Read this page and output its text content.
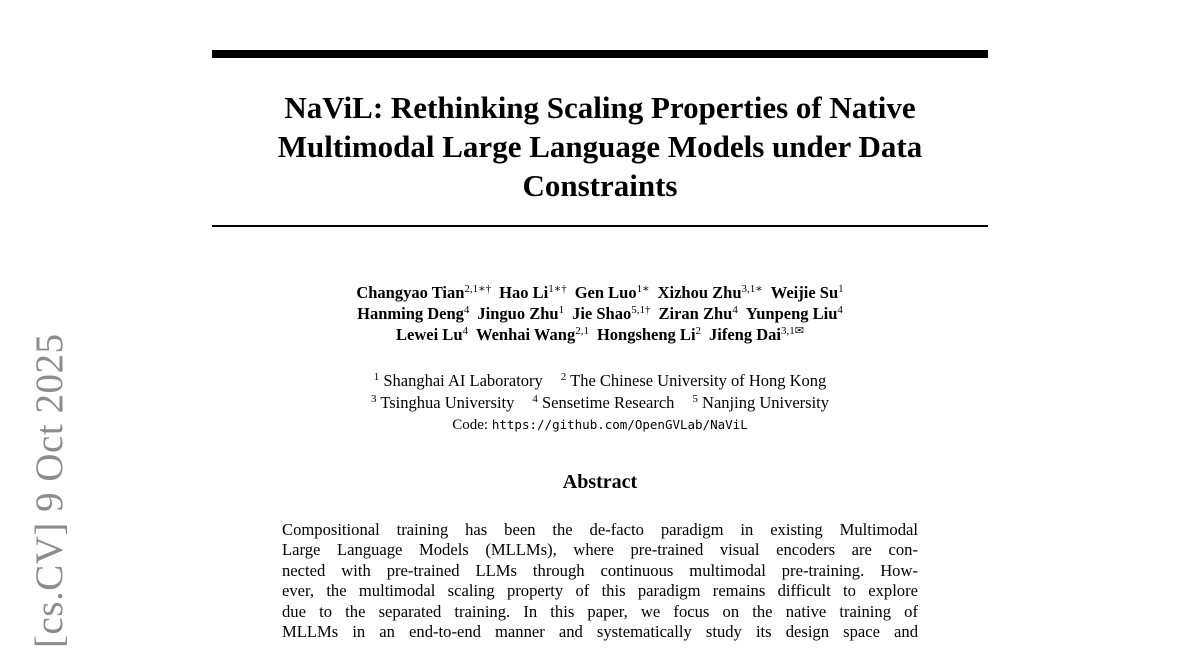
NaViL: Rethinking Scaling Properties of Native
Multimodal Large Language Models under Data
Constraints
Changyao Tian$^{2,1∗\dagger}$ Hao $Li^{1∗\dagger}$ Gen Luo$^{1∗}$ Xizhou Zhu$^{3,1∗}$ Weijie Su$^1$
Hanming Deng$^4$ Jinguo Zhu$^1$ Jie Shao$^{5,1\dagger}$ Ziran Zhu$^4$ Yunpeng Liu$^4$
Lewei Lu$^4$ Wenhai Wang$^{2,1}$ Hongsheng Li$^2$ Jifeng Dai$^{3,1✉}$
$^1$ Shanghai AI Laboratory $^2$ The Chinese University of Hong Kong
$^3$ Tsinghua University $^4$ Sensetime Research $^5$ Nanjing University
Code: https://github.com/OpenGVLab/NaViL
Abstract
Compositional training has been the de-facto paradigm in existing Multimodal
Large Language Models (MLLMs), where pre-trained visual encoders are con-
nected with pre-trained LLMs through continuous multimodal pre-training. How-
ever, the multimodal scaling property of this paradigm remains difficult to explore
due to the separated training. In this paper, we focus on the native training of
MLLMs in an end-to-end manner and systematically study its design space and
[cs.CV] 9 Oct 2025
